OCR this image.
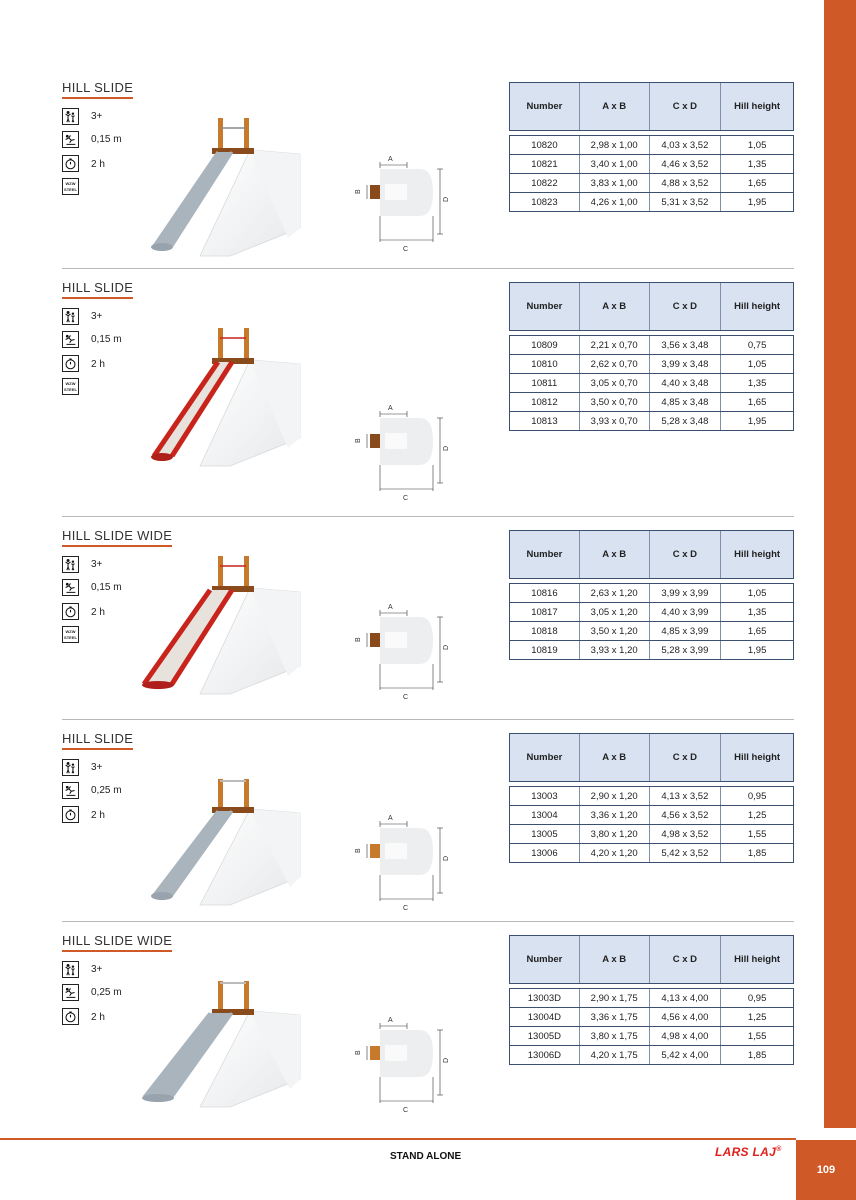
HILL SLIDE
3+
0,15 m
2 h
WZW
STEEL
A
B
D
C
Number	A x B	C x D	Hill height

10820	2,98 x 1,00	4,03 x 3,52	1,05
10821	3,40 x 1,00	4,46 x 3,52	1,35
10822	3,83 x 1,00	4,88 x 3,52	1,65
10823	4,26 x 1,00	5,31 x 3,52	1,95
HILL SLIDE
3+
0,15 m
2 h
WZW
STEEL
A
B
D
C
Number	A x B	C x D	Hill height

10809	2,21 x 0,70	3,56 x 3,48	0,75
10810	2,62 x 0,70	3,99 x 3,48	1,05
10811	3,05 x 0,70	4,40 x 3,48	1,35
10812	3,50 x 0,70	4,85 x 3,48	1,65
10813	3,93 x 0,70	5,28 x 3,48	1,95
HILL SLIDE WIDE
3+
0,15 m
2 h
WZW
STEEL
A
B
D
C
Number	A x B	C x D	Hill height

10816	2,63 x 1,20	3,99 x 3,99	1,05
10817	3,05 x 1,20	4,40 x 3,99	1,35
10818	3,50 x 1,20	4,85 x 3,99	1,65
10819	3,93 x 1,20	5,28 x 3,99	1,95
HILL SLIDE
3+
0,25 m
2 h	A
B
D
C
Number	A x B	C x D	Hill height

13003	2,90 x 1,20	4,13 x 3,52	0,95
13004	3,36 x 1,20	4,56 x 3,52	1,25
13005	3,80 x 1,20	4,98 x 3,52	1,55
13006	4,20 x 1,20	5,42 x 3,52	1,85
HILL SLIDE WIDE
3+
0,25 m
2 h	A
B
D
C
Number	A x B	C x D	Hill height

13003D	2,90 x 1,75	4,13 x 4,00	0,95
13004D	3,36 x 1,75	4,56 x 4,00	1,25
13005D	3,80 x 1,75	4,98 x 4,00	1,55
13006D	4,20 x 1,75	5,42 x 4,00	1,85
STAND ALONE	LARS LAJ®
109
